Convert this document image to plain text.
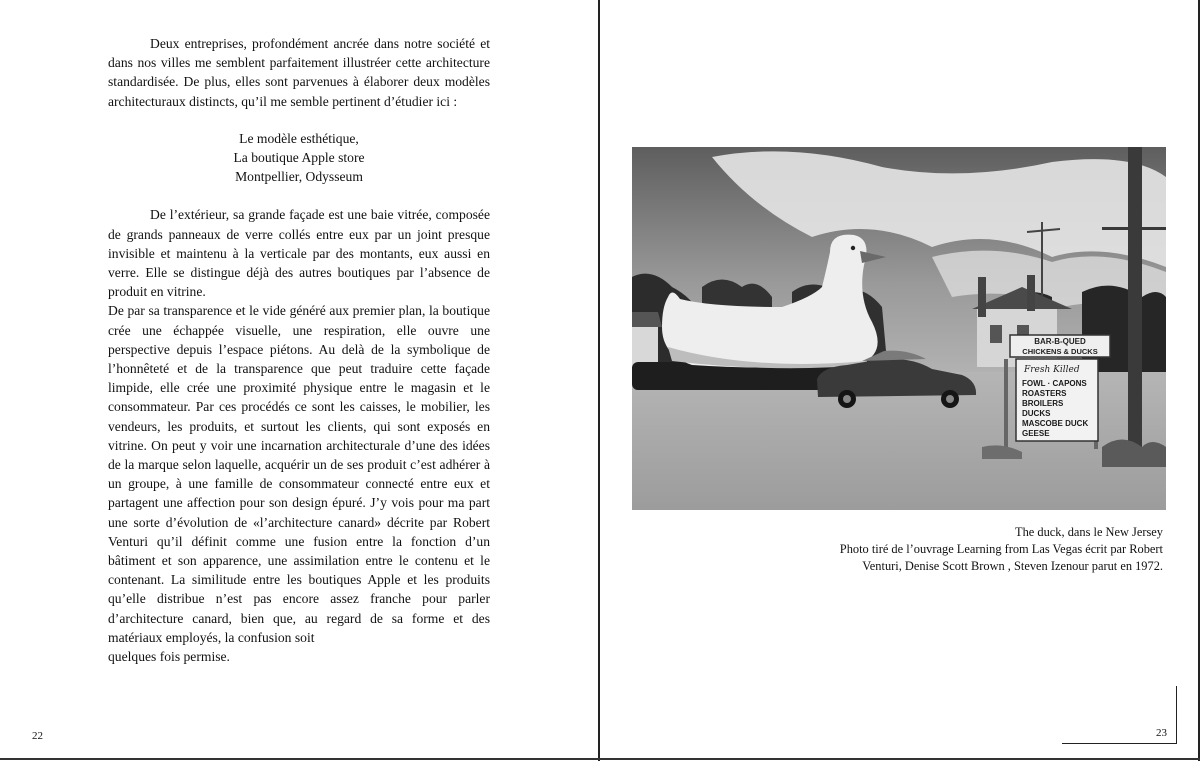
Deux entreprises, profondément ancrée dans notre société et dans nos villes me semblent parfaitement illustréer cette architecture standardisée. De plus, elles sont parvenues à élaborer deux modèles architecturaux distincts, qu’il me semble pertinent d’étudier ici :

Le modèle esthétique,
La boutique Apple store
Montpellier, Odysseum

De l’extérieur, sa grande façade est une baie vitrée, composée de grands panneaux de verre collés entre eux par un joint presque invisible et maintenu à la verticale par des montants, eux aussi en verre. Elle se distingue déjà des autres boutiques par l’absence de produit en vitrine.

De par sa transparence et le vide généré aux premier plan, la boutique crée une échappée visuelle, une respiration, elle ouvre une perspective depuis l’espace piétons. Au delà de la symbolique de l’honnêteté et de la transparence que peut traduire cette façade limpide, elle crée une proximité physique entre le magasin et le consommateur. Par ces procédés ce sont les caisses, le mobilier, les vendeurs, les produits, et surtout les clients, qui sont exposés en vitrine. On peut y voir une incarnation architecturale d’une des idées de la marque selon laquelle, acquérir un de ses produit c’est adhérer à un groupe, à une famille de consommateur connecté entre eux et partagent une affection pour son design épuré. J’y vois pour ma part une sorte d’évolution de «l’architecture canard» décrite par Robert Venturi qu’il définit comme une fusion entre la fonction d’un bâtiment et son apparence, une assimilation entre le contenu et le contenant. La similitude entre les boutiques Apple et les produits qu’elle distribue n’est pas encore assez franche pour parler d’architecture canard, bien que, au regard de sa forme et des matériaux employés, la confusion soit

quelques fois permise.

22
BAR-B-QUED
CHICKENS & DUCKS
Fresh Killed
FOWL · CAPONS
ROASTERS
BROILERS
DUCKS
MASCOBE DUCK
GEESE
The duck, dans le New Jersey
Photo tiré de l’ouvrage Learning from Las Vegas écrit par Robert
Venturi, Denise Scott Brown , Steven Izenour parut en 1972.
23
